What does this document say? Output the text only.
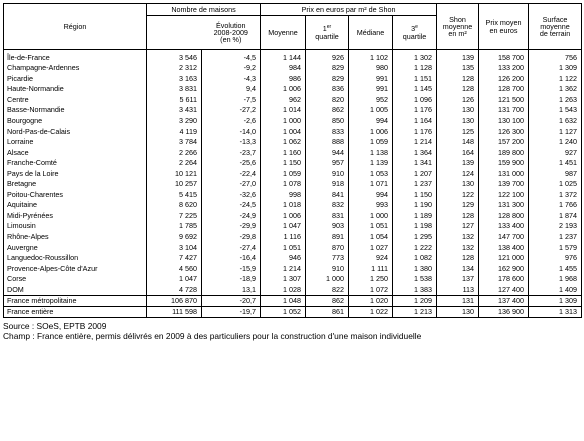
Région	Nombre de maisons		Prix en euros par m² de Shon				Shon
moyenne
en m²	Prix moyen
en euros	Surface
moyenne
de terrain
		Évolution
2008-2009
(en %)	Moyenne	1er
quartile	Médiane	3e
quartile			
Île-de-France	3 546	-4,5	1 144	926	1 102	1 302	139	158 700	756
Champagne-Ardennes	2 312	-9,2	984	829	980	1 128	135	133 200	1 309
Picardie	3 163	-4,3	986	829	991	1 151	128	126 200	1 122
Haute-Normandie	3 831	9,4	1 006	836	991	1 145	128	128 700	1 362
Centre	5 611	-7,5	962	820	952	1 096	126	121 500	1 263
Basse-Normandie	3 431	-27,2	1 014	862	1 005	1 176	130	131 700	1 543
Bourgogne	3 290	-2,6	1 000	850	994	1 164	130	130 100	1 632
Nord-Pas-de-Calais	4 119	-14,0	1 004	833	1 006	1 176	125	126 300	1 127
Lorraine	3 784	-13,3	1 062	888	1 059	1 214	148	157 200	1 240
Alsace	2 266	-23,7	1 160	944	1 138	1 364	164	189 800	927
Franche-Comté	2 264	-25,6	1 150	957	1 139	1 341	139	159 900	1 451
Pays de la Loire	10 121	-22,4	1 059	910	1 053	1 207	124	131 000	987
Bretagne	10 257	-27,0	1 078	918	1 071	1 237	130	139 700	1 025
Poitou-Charentes	5 415	-32,6	998	841	994	1 150	122	122 100	1 372
Aquitaine	8 620	-24,5	1 018	832	993	1 190	129	131 300	1 766
Midi-Pyrénées	7 225	-24,9	1 006	831	1 000	1 189	128	128 800	1 874
Limousin	1 785	-29,9	1 047	903	1 051	1 198	127	133 400	2 193
Rhône-Alpes	9 692	-29,8	1 116	891	1 054	1 295	132	147 700	1 237
Auvergne	3 104	-27,4	1 051	870	1 027	1 222	132	138 400	1 579
Languedoc-Roussillon	7 427	-16,4	946	773	924	1 082	128	121 000	976
Provence-Alpes-Côte d'Azur	4 560	-15,9	1 214	910	1 111	1 380	134	162 900	1 455
Corse	1 047	-18,9	1 307	1 000	1 250	1 538	137	178 600	1 968
DOM	4 728	13,1	1 028	822	1 072	1 383	113	127 400	1 409
France métropolitaine	106 870	-20,7	1 048	862	1 020	1 209	131	137 400	1 309
France entière	111 598	-19,7	1 052	861	1 022	1 213	130	136 900	1 313
Source : SOeS, EPTB 2009
Champ : France entière, permis délivrés en 2009 à des particuliers pour la construction d'une maison individuelle
